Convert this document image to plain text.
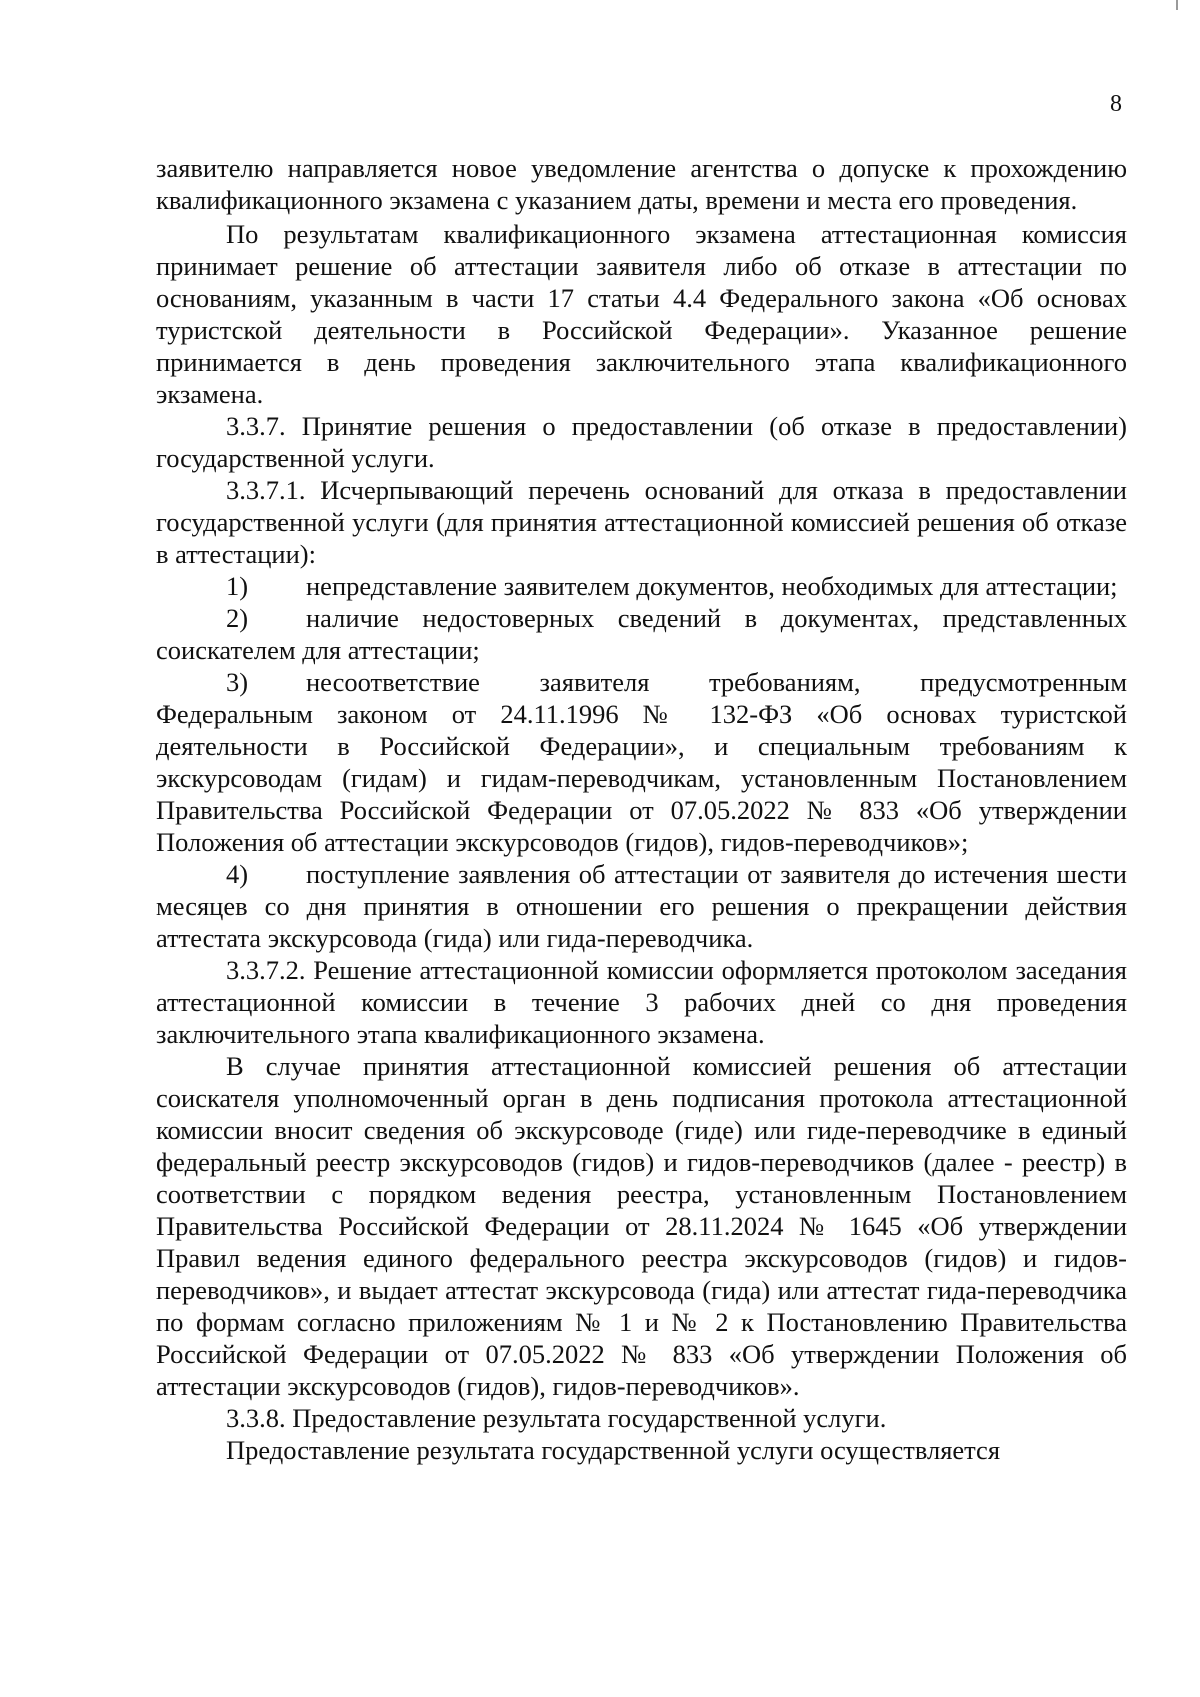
8

заявителю направляется новое уведомление агентства о допуске к прохождению квалификационного экзамена с указанием даты, времени и места его проведения.

По результатам квалификационного экзамена аттестационная комиссия принимает решение об аттестации заявителя либо об отказе в аттестации по основаниям, указанным в части 17 статьи 4.4 Федерального закона «Об основах туристской деятельности в Российской Федерации». Указанное решение принимается в день проведения заключительного этапа квалификационного экзамена.

3.3.7. Принятие решения о предоставлении (об отказе в предоставлении) государственной услуги.

3.3.7.1. Исчерпывающий перечень оснований для отказа в предоставлении государственной услуги (для принятия аттестационной комиссией решения об отказе в аттестации):

1) непредставление заявителем документов, необходимых для аттестации;

2) наличие недостоверных сведений в документах, представленных соискателем для аттестации;

3) несоответствие заявителя требованиям, предусмотренным Федеральным законом от 24.11.1996 № 132-ФЗ «Об основах туристской деятельности в Российской Федерации», и специальным требованиям к экскурсоводам (гидам) и гидам-переводчикам, установленным Постановлением Правительства Российской Федерации от 07.05.2022 № 833 «Об утверждении Положения об аттестации экскурсоводов (гидов), гидов-переводчиков»;

4) поступление заявления об аттестации от заявителя до истечения шести месяцев со дня принятия в отношении его решения о прекращении действия аттестата экскурсовода (гида) или гида-переводчика.

3.3.7.2. Решение аттестационной комиссии оформляется протоколом заседания аттестационной комиссии в течение 3 рабочих дней со дня проведения заключительного этапа квалификационного экзамена.

В случае принятия аттестационной комиссией решения об аттестации соискателя уполномоченный орган в день подписания протокола аттестационной комиссии вносит сведения об экскурсоводе (гиде) или гиде-переводчике в единый федеральный реестр экскурсоводов (гидов) и гидов-переводчиков (далее - реестр) в соответствии с порядком ведения реестра, установленным Постановлением Правительства Российской Федерации от 28.11.2024 № 1645 «Об утверждении Правил ведения единого федерального реестра экскурсоводов (гидов) и гидов-переводчиков», и выдает аттестат экскурсовода (гида) или аттестат гида-переводчика по формам согласно приложениям № 1 и № 2 к Постановлению Правительства Российской Федерации от 07.05.2022 № 833 «Об утверждении Положения об аттестации экскурсоводов (гидов), гидов-переводчиков».

3.3.8. Предоставление результата государственной услуги.

Предоставление результата государственной услуги осуществляется
